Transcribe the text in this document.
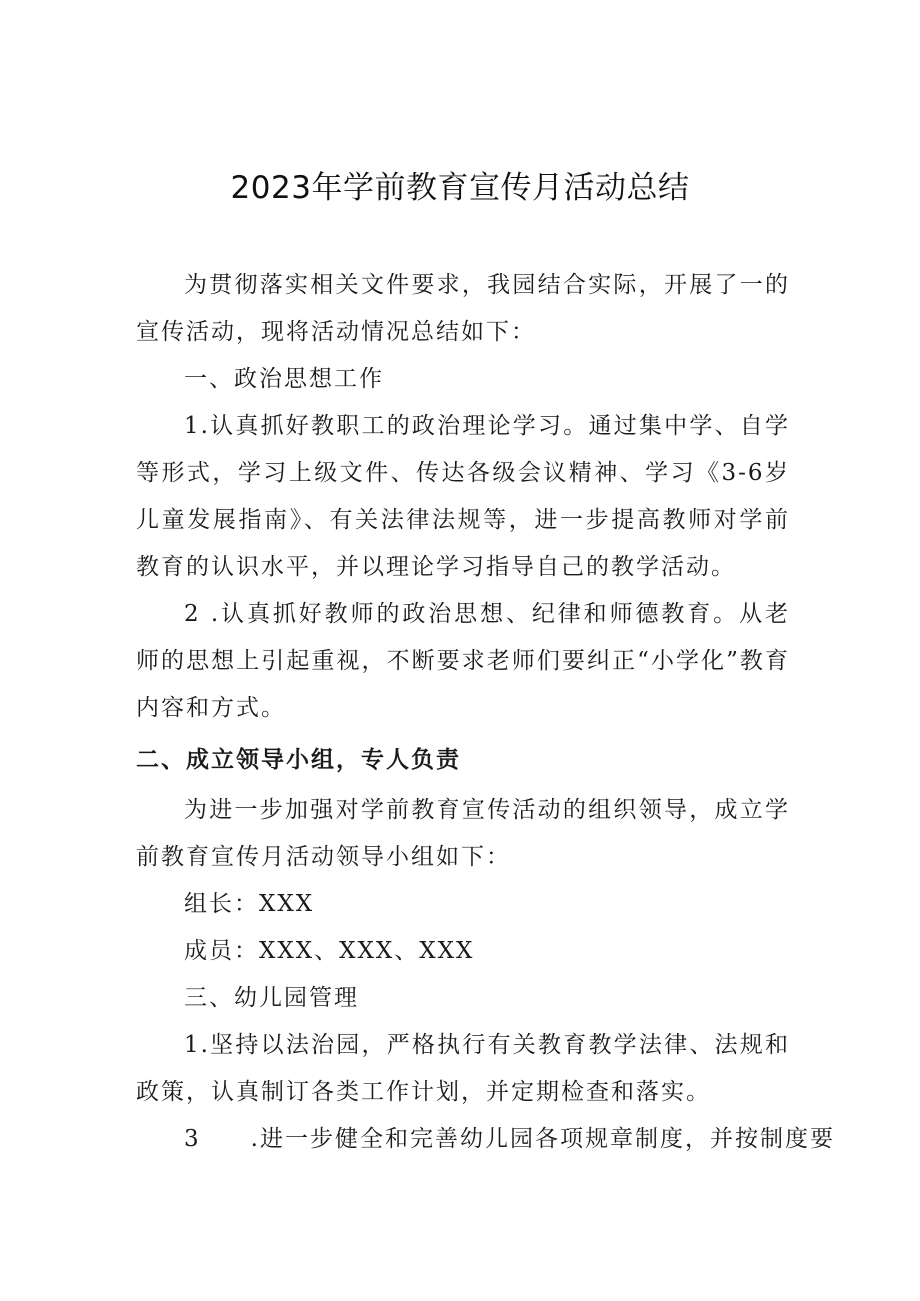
2023年学前教育宣传月活动总结

为贯彻落实相关文件要求，我园结合实际，开展了一的宣传活动，现将活动情况总结如下：

一、政治思想工作

1.认真抓好教职工的政治理论学习。通过集中学、自学等形式，学习上级文件、传达各级会议精神、学习《3-6岁儿童发展指南》、有关法律法规等，进一步提高教师对学前教育的认识水平，并以理论学习指导自己的教学活动。

2 .认真抓好教师的政治思想、纪律和师德教育。从老师的思想上引起重视，不断要求老师们要纠正“小学化”教育内容和方式。

二、成立领导小组，专人负责

为进一步加强对学前教育宣传活动的组织领导，成立学前教育宣传月活动领导小组如下：

组长：XXX

成员：XXX、XXX、XXX

三、幼儿园管理

1.坚持以法治园，严格执行有关教育教学法律、法规和政策，认真制订各类工作计划，并定期检查和落实。

3　　.进一步健全和完善幼儿园各项规章制度，并按制度要
